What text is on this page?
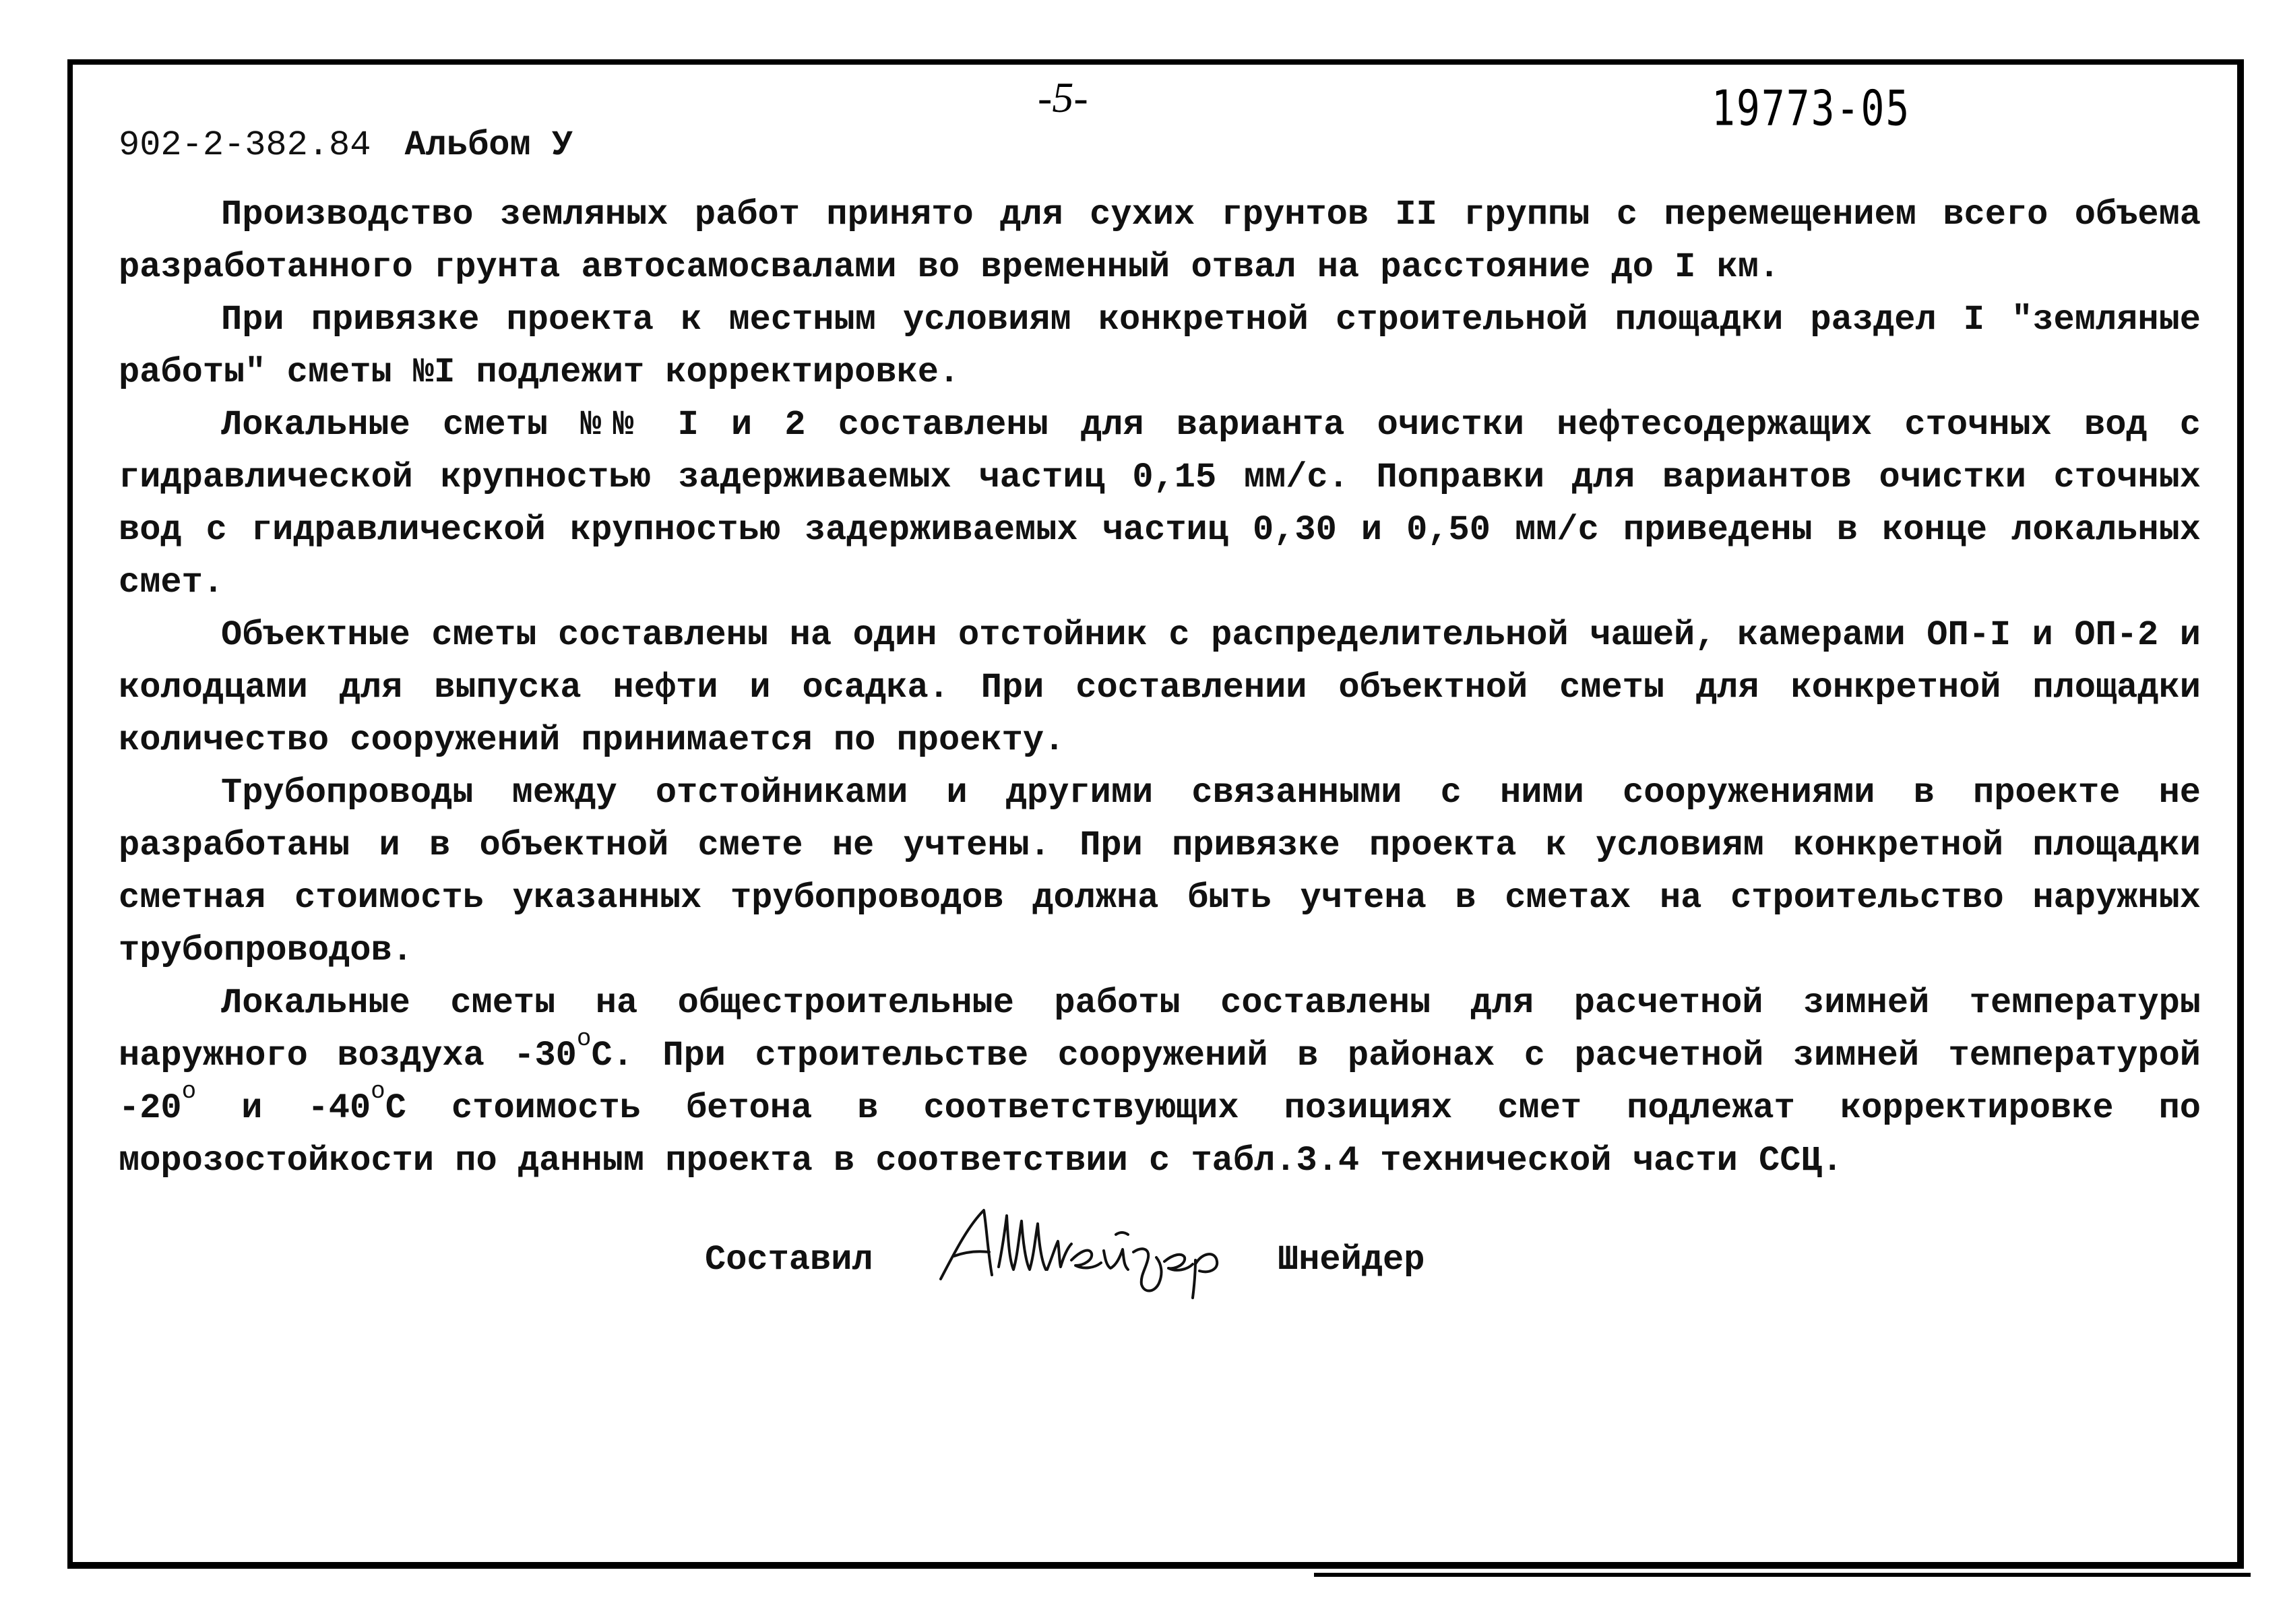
902-2-382.84 Альбом У
-5-	19773-05

Производство земляных работ принято для сухих грунтов II группы с перемещением всего объема разработанного грунта автосамосвалами во временный отвал на расстояние до I км.

При привязке проекта к местным условиям конкретной строительной площадки раздел I "земляные работы" сметы №I подлежит корректировке.

Локальные сметы №№ I и 2 составлены для варианта очистки нефтесодержащих сточных вод с гидравлической крупностью задерживаемых частиц 0,15 мм/с. Поправки для вариантов очистки сточных вод с гидравлической крупностью задерживаемых частиц 0,30 и 0,50 мм/с приведены в конце локальных смет.

Объектные сметы составлены на один отстойник с распределительной чашей, камерами ОП-I и ОП-2 и колодцами для выпуска нефти и осадка. При составлении объектной сметы для конкретной площадки количество сооружений принимается по проекту.

Трубопроводы между отстойниками и другими связанными с ними сооружениями в проекте не разработаны и в объектной смете не учтены. При привязке проекта к условиям конкретной площадки сметная стоимость указанных трубопроводов должна быть учтена в сметах на строительство наружных трубопроводов.

Локальные сметы на общестроительные работы составлены для расчетной зимней температуры наружного воздуха $-30^оС$. При строительстве сооружений в районах с расчетной зимней температурой $-20^о$ и $-40^оС$ стоимость бетона в соответствующих позициях смет подлежат корректировке по морозостойкости по данным проекта в соответствии с табл.3.4 технической части ССЦ.

Составил	Шнейдер
